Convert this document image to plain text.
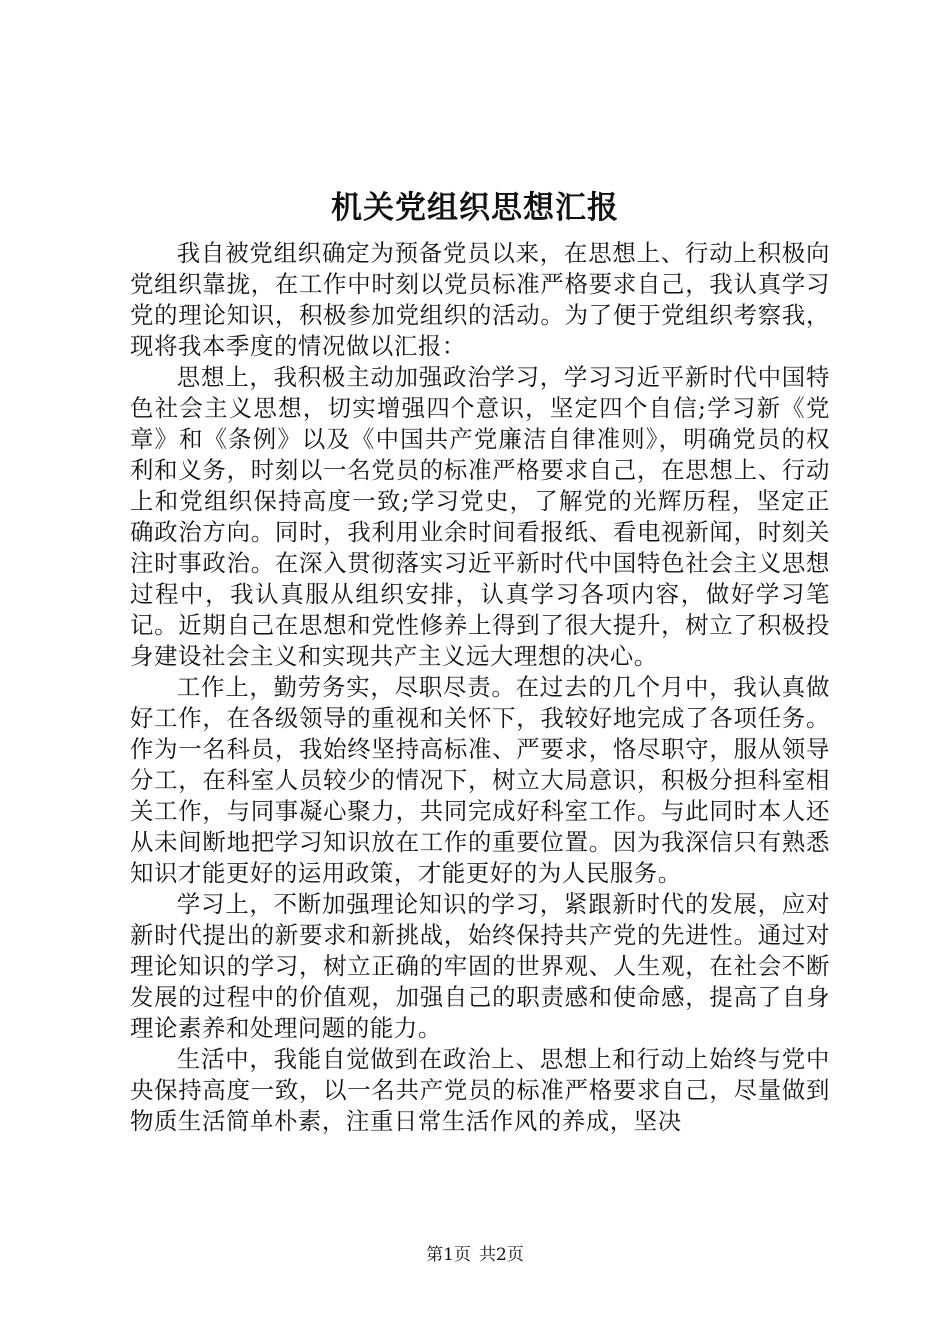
机关党组织思想汇报

我自被党组织确定为预备党员以来，在思想上、行动上积极向党组织靠拢，在工作中时刻以党员标准严格要求自己，我认真学习党的理论知识，积极参加党组织的活动。为了便于党组织考察我，现将我本季度的情况做以汇报：

思想上，我积极主动加强政治学习，学习习近平新时代中国特色社会主义思想，切实增强四个意识，坚定四个自信;学习新《党章》和《条例》以及《中国共产党廉洁自律准则》，明确党员的权利和义务，时刻以一名党员的标准严格要求自己，在思想上、行动上和党组织保持高度一致;学习党史，了解党的光辉历程，坚定正确政治方向。同时，我利用业余时间看报纸、看电视新闻，时刻关注时事政治。在深入贯彻落实习近平新时代中国特色社会主义思想过程中，我认真服从组织安排，认真学习各项内容，做好学习笔记。近期自己在思想和党性修养上得到了很大提升，树立了积极投身建设社会主义和实现共产主义远大理想的决心。

工作上，勤劳务实，尽职尽责。在过去的几个月中，我认真做好工作，在各级领导的重视和关怀下，我较好地完成了各项任务。作为一名科员，我始终坚持高标准、严要求，恪尽职守，服从领导分工，在科室人员较少的情况下，树立大局意识，积极分担科室相关工作，与同事凝心聚力，共同完成好科室工作。与此同时本人还从未间断地把学习知识放在工作的重要位置。因为我深信只有熟悉知识才能更好的运用政策，才能更好的为人民服务。

学习上，不断加强理论知识的学习，紧跟新时代的发展，应对新时代提出的新要求和新挑战，始终保持共产党的先进性。通过对理论知识的学习，树立正确的牢固的世界观、人生观，在社会不断发展的过程中的价值观，加强自己的职责感和使命感，提高了自身理论素养和处理问题的能力。

生活中，我能自觉做到在政治上、思想上和行动上始终与党中央保持高度一致，以一名共产党员的标准严格要求自己，尽量做到物质生活简单朴素，注重日常生活作风的养成，坚决

第1页 共2页
